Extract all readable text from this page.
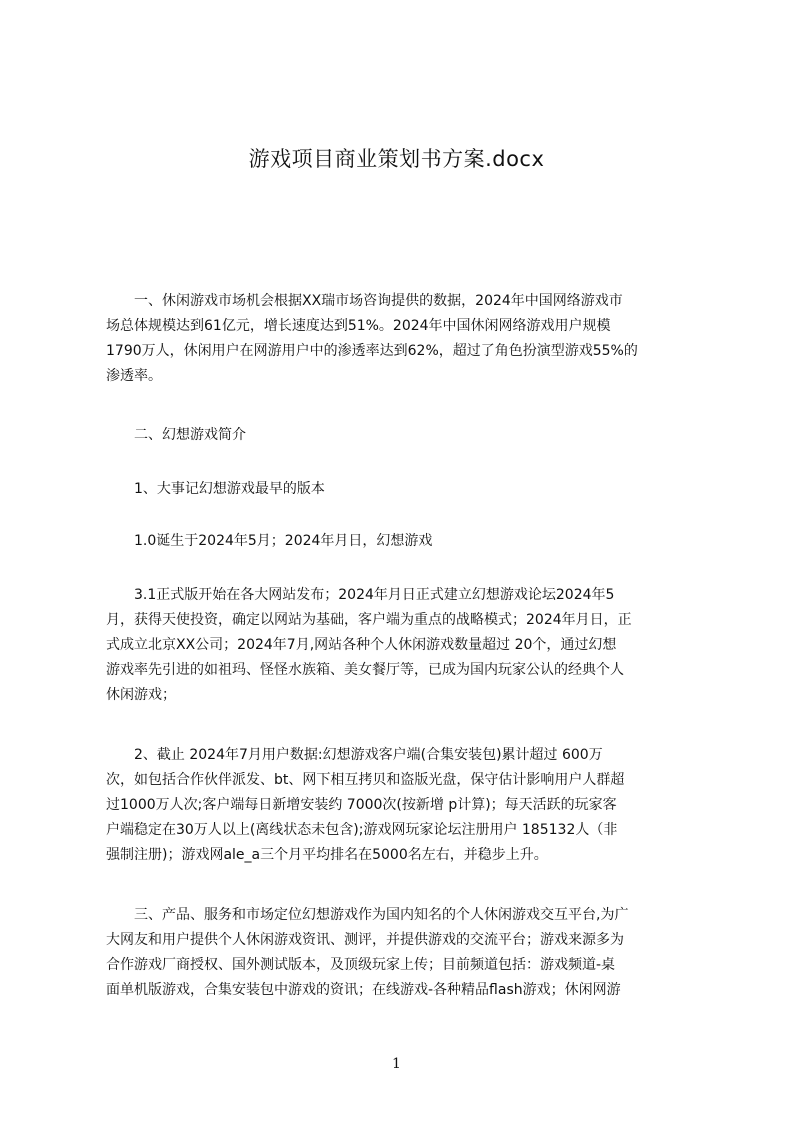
游戏项目商业策划书方案.docx
一、休闲游戏市场机会根据XX瑞市场咨询提供的数据，2024年中国网络游戏市
场总体规模达到61亿元，增长速度达到51%。2024年中国休闲网络游戏用户规模
1790万人，休闲用户在网游用户中的渗透率达到62%，超过了角色扮演型游戏55%的
渗透率。
二、幻想游戏简介
1、大事记幻想游戏最早的版本
1.0诞生于2024年5月；2024年月日，幻想游戏
3.1正式版开始在各大网站发布；2024年月日正式建立幻想游戏论坛2024年5
月，获得天使投资，确定以网站为基础，客户端为重点的战略模式；2024年月日，正
式成立北京XX公司；2024年7月,网站各种个人休闲游戏数量超过 20个，通过幻想
游戏率先引进的如祖玛、怪怪水族箱、美女餐厅等，已成为国内玩家公认的经典个人
休闲游戏；
2、截止 2024年7月用户数据:幻想游戏客户端(合集安装包)累计超过 600万
次，如包括合作伙伴派发、bt、网下相互拷贝和盗版光盘，保守估计影响用户人群超
过1000万人次;客户端每日新增安装约 7000次(按新增 p计算)；每天活跃的玩家客
户端稳定在30万人以上(离线状态未包含);游戏网玩家论坛注册用户 185132人（非
强制注册)；游戏网ale_a三个月平均排名在5000名左右，并稳步上升。
三、产品、服务和市场定位幻想游戏作为国内知名的个人休闲游戏交互平台,为广
大网友和用户提供个人休闲游戏资讯、测评，并提供游戏的交流平台；游戏来源多为
合作游戏厂商授权、国外测试版本，及顶级玩家上传；目前频道包括：游戏频道-桌
面单机版游戏，合集安装包中游戏的资讯；在线游戏-各种精品flash游戏；休闲网游
1
